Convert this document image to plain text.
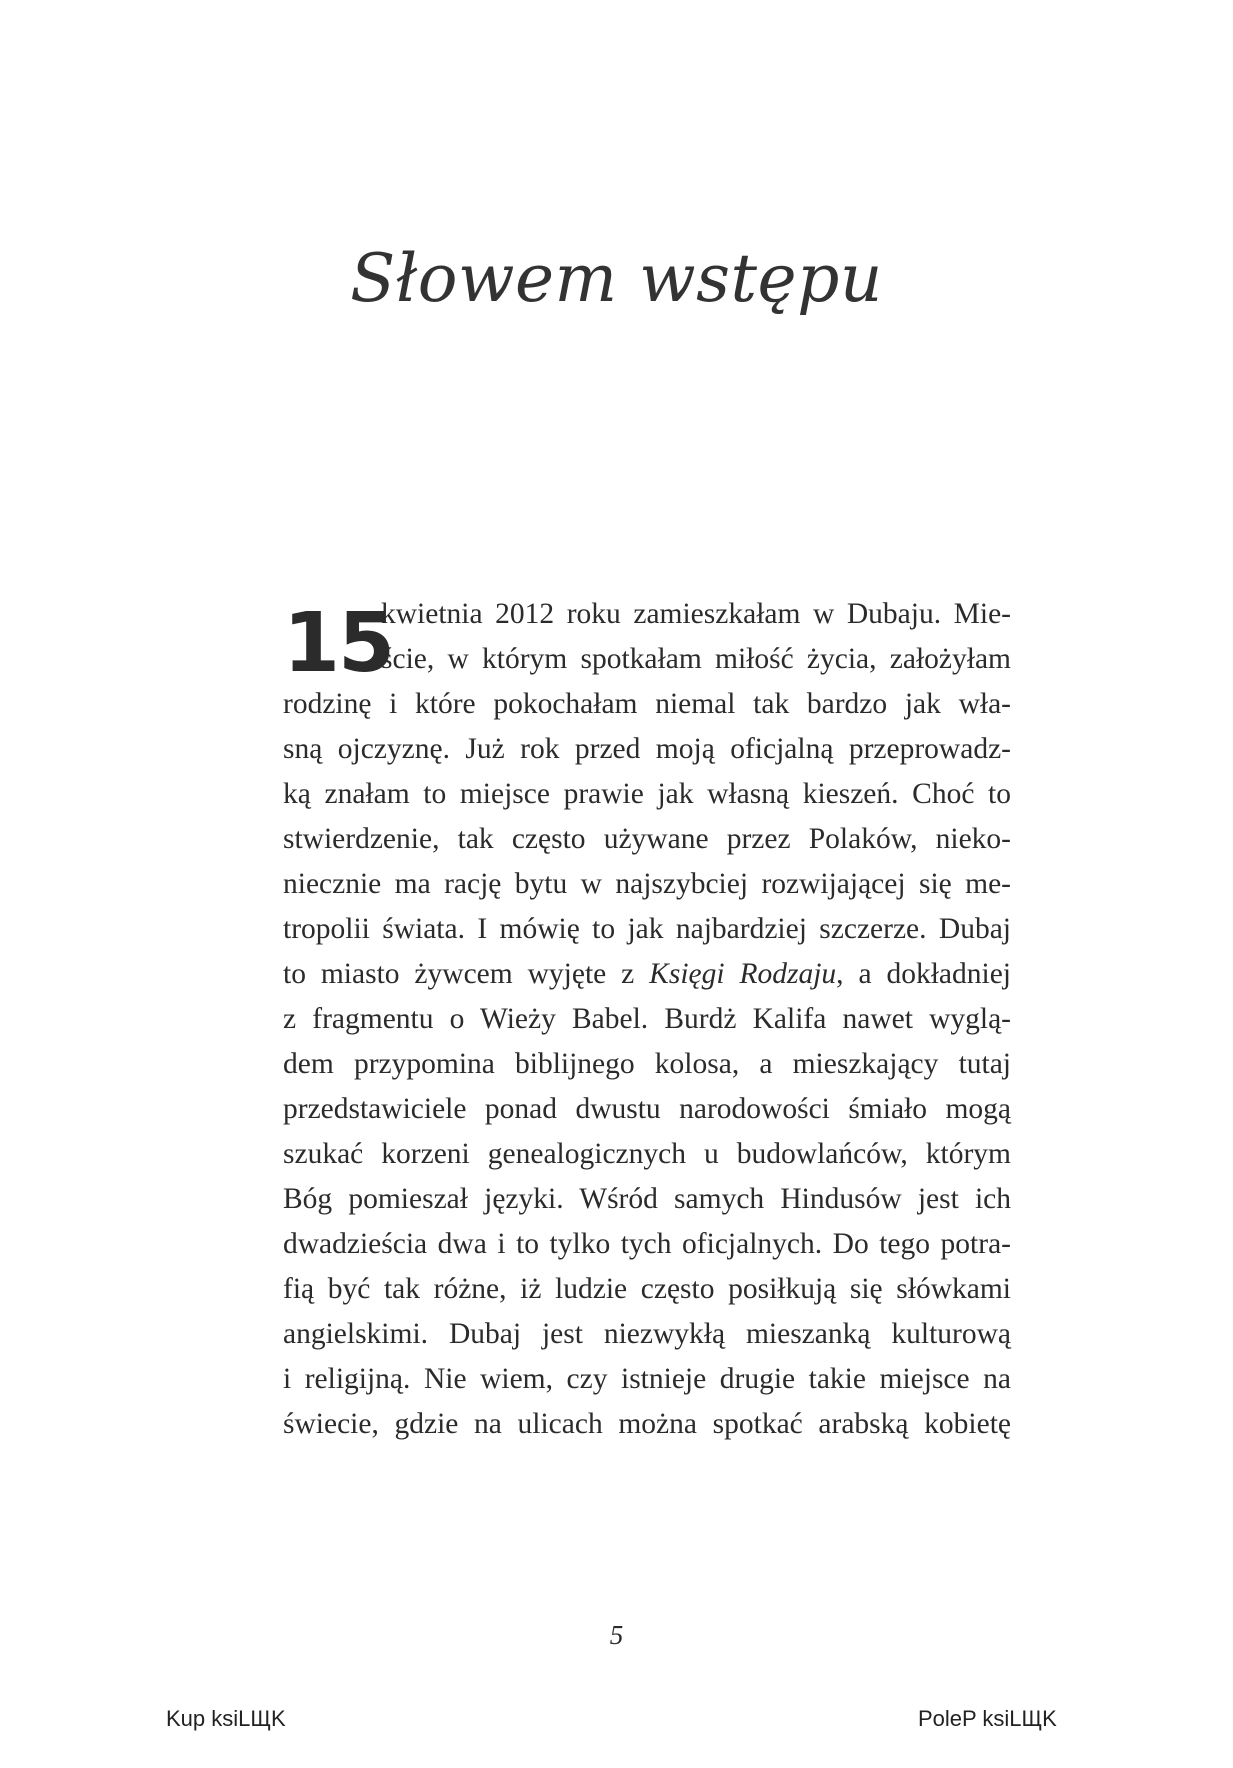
Słowem wstępu
15
kwietnia 2012 roku zamieszkałam w Dubaju. Mie-
ście, w którym spotkałam miłość życia, założyłam
rodzinę i które pokochałam niemal tak bardzo jak wła-
sną ojczyznę. Już rok przed moją oficjalną przeprowadz-
ką znałam to miejsce prawie jak własną kieszeń. Choć to
stwierdzenie, tak często używane przez Polaków, nieko-
niecznie ma rację bytu w najszybciej rozwijającej się me-
tropolii świata. I mówię to jak najbardziej szczerze. Dubaj
to miasto żywcem wyjęte z Księgi Rodzaju, a dokładniej
z fragmentu o Wieży Babel. Burdż Kalifa nawet wyglą-
dem przypomina biblijnego kolosa, a mieszkający tutaj
przedstawiciele ponad dwustu narodowości śmiało mogą
szukać korzeni genealogicznych u budowlańców, którym
Bóg pomieszał języki. Wśród samych Hindusów jest ich
dwadzieścia dwa i to tylko tych oficjalnych. Do tego potra-
fią być tak różne, iż ludzie często posiłkują się słówkami
angielskimi. Dubaj jest niezwykłą mieszanką kulturową
i religijną. Nie wiem, czy istnieje drugie takie miejsce na
świecie, gdzie na ulicach można spotkać arabską kobietę
5
Kup ksiLЩK	PoleP ksiLЩK
